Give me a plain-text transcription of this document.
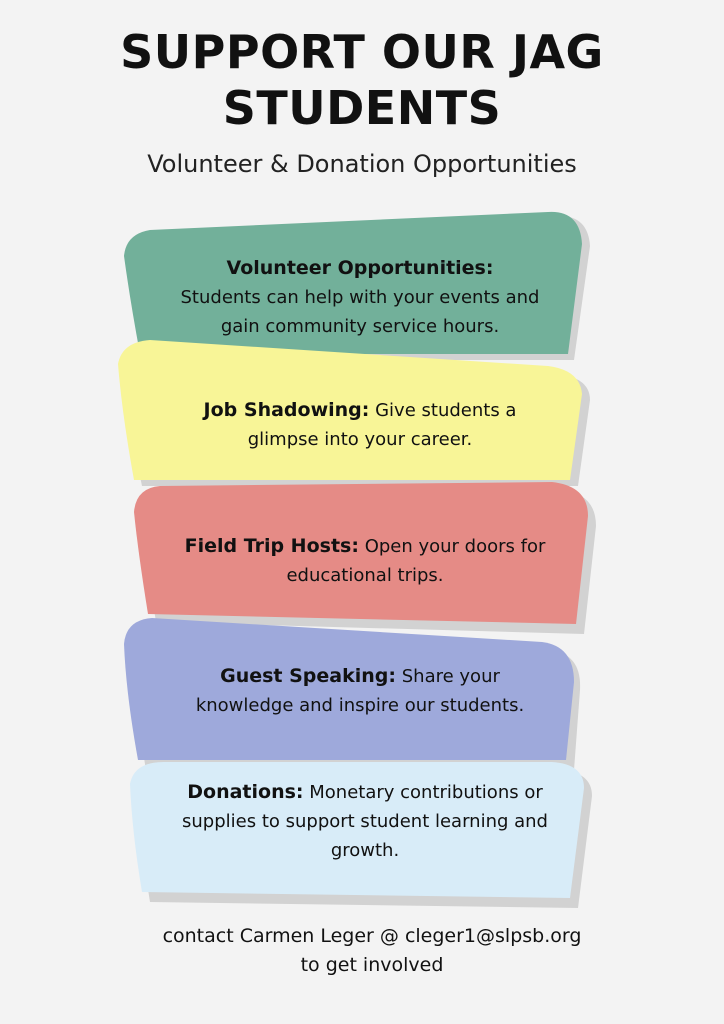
SUPPORT OUR JAG
STUDENTS
Volunteer & Donation Opportunities
Volunteer Opportunities:
Students can help with your events and gain community service hours.
Job Shadowing: Give students a glimpse into your career.
Field Trip Hosts: Open your doors for educational trips.
Guest Speaking: Share your knowledge and inspire our students.
Donations: Monetary contributions or supplies to support student learning and growth.
contact Carmen Leger @ cleger1@slpsb.org
to get involved
